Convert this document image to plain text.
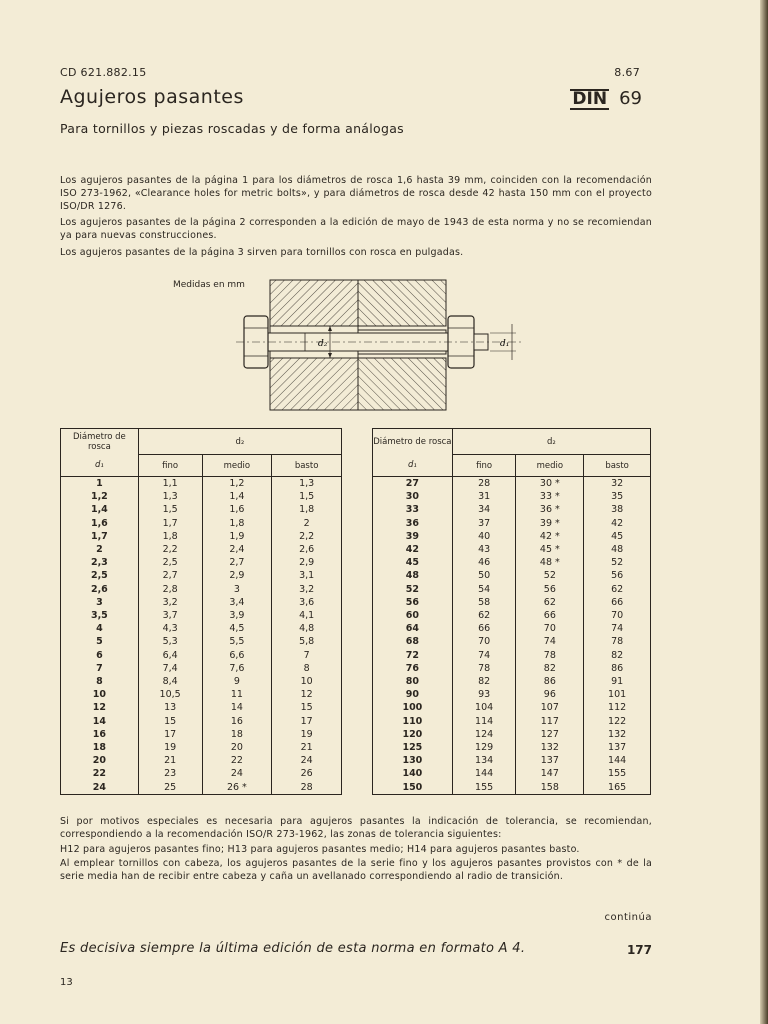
CD 621.882.15	8.67
Agujeros pasantes	DIN 69
Para tornillos y piezas roscadas y de forma análogas

Los agujeros pasantes de la página 1 para los diámetros de rosca 1,6 hasta 39 mm, coinciden con la recomendación ISO 273-1962, «Clearance holes for metric bolts», y para diámetros de rosca desde 42 hasta 150 mm con el proyecto ISO/DR 1276.

Los agujeros pasantes de la página 2 corresponden a la edición de mayo de 1943 de esta norma y no se recomiendan ya para nuevas construcciones.

Los agujeros pasantes de la página 3 sirven para tornillos con rosca en pulgadas.

Medidas en mm
d₂	d₁
Diámetro de rosca	d₂		
d₁	fino	medio	basto
1	1,1	1,2	1,3
1,2	1,3	1,4	1,5
1,4	1,5	1,6	1,8
1,6	1,7	1,8	2
1,7	1,8	1,9	2,2
2	2,2	2,4	2,6
2,3	2,5	2,7	2,9
2,5	2,7	2,9	3,1
2,6	2,8	3	3,2
3	3,2	3,4	3,6
3,5	3,7	3,9	4,1
4	4,3	4,5	4,8
5	5,3	5,5	5,8
6	6,4	6,6	7
7	7,4	7,6	8
8	8,4	9	10
10	10,5	11	12
12	13	14	15
14	15	16	17
16	17	18	19
18	19	20	21
20	21	22	24
22	23	24	26
24	25	26 *	28
Diámetro de rosca	d₂		
d₁	fino	medio	basto
27	28	30 *	32
30	31	33 *	35
33	34	36 *	38
36	37	39 *	42
39	40	42 *	45
42	43	45 *	48
45	46	48 *	52
48	50	52	56
52	54	56	62
56	58	62	66
60	62	66	70
64	66	70	74
68	70	74	78
72	74	78	82
76	78	82	86
80	82	86	91
90	93	96	101
100	104	107	112
110	114	117	122
120	124	127	132
125	129	132	137
130	134	137	144
140	144	147	155
150	155	158	165

Si por motivos especiales es necesaria para agujeros pasantes la indicación de tolerancia, se recomiendan, correspondiendo a la recomendación ISO/R 273-1962, las zonas de tolerancia siguientes:

H12 para agujeros pasantes fino; H13 para agujeros pasantes medio; H14 para agujeros pasantes basto.

Al emplear tornillos con cabeza, los agujeros pasantes de la serie fino y los agujeros pasantes provistos con * de la serie media han de recibir entre cabeza y caña un avellanado correspondiendo al radio de transición.

continúa
Es decisiva siempre la última edición de esta norma en formato A 4.	177
13
